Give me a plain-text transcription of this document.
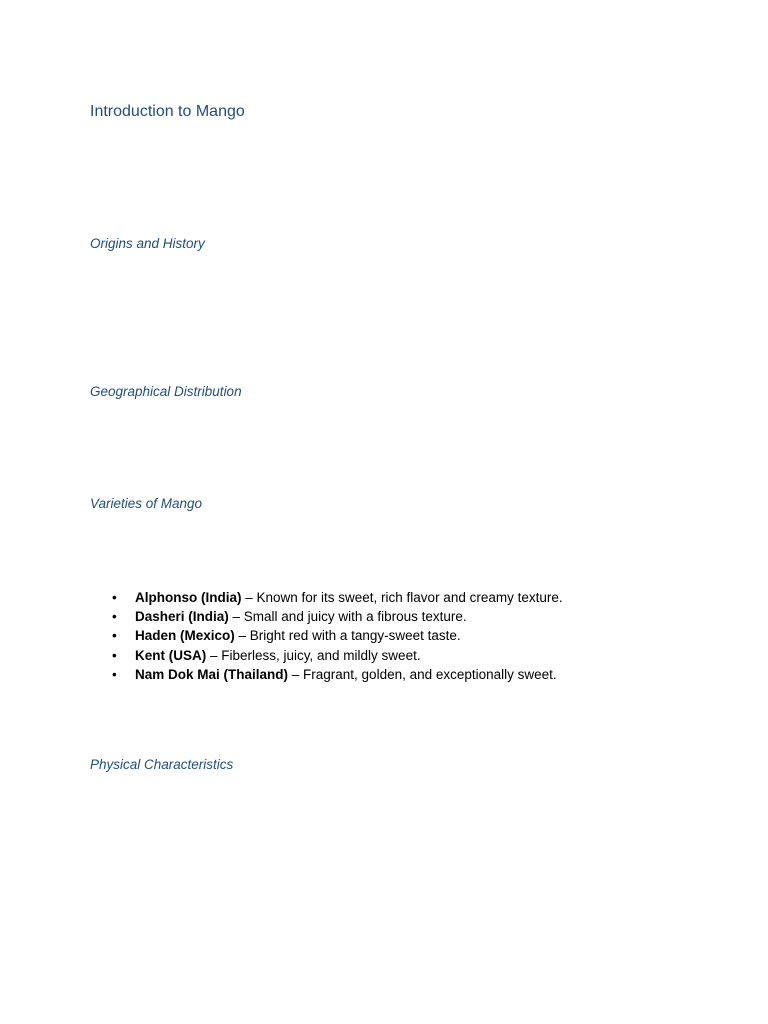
Introduction to Mango
Origins and History
Geographical Distribution
Varieties of Mango
• Alphonso (India) – Known for its sweet, rich flavor and creamy texture.
• Dasheri (India) – Small and juicy with a fibrous texture.
• Haden (Mexico) – Bright red with a tangy-sweet taste.
• Kent (USA) – Fiberless, juicy, and mildly sweet.
• Nam Dok Mai (Thailand) – Fragrant, golden, and exceptionally sweet.
Physical Characteristics
